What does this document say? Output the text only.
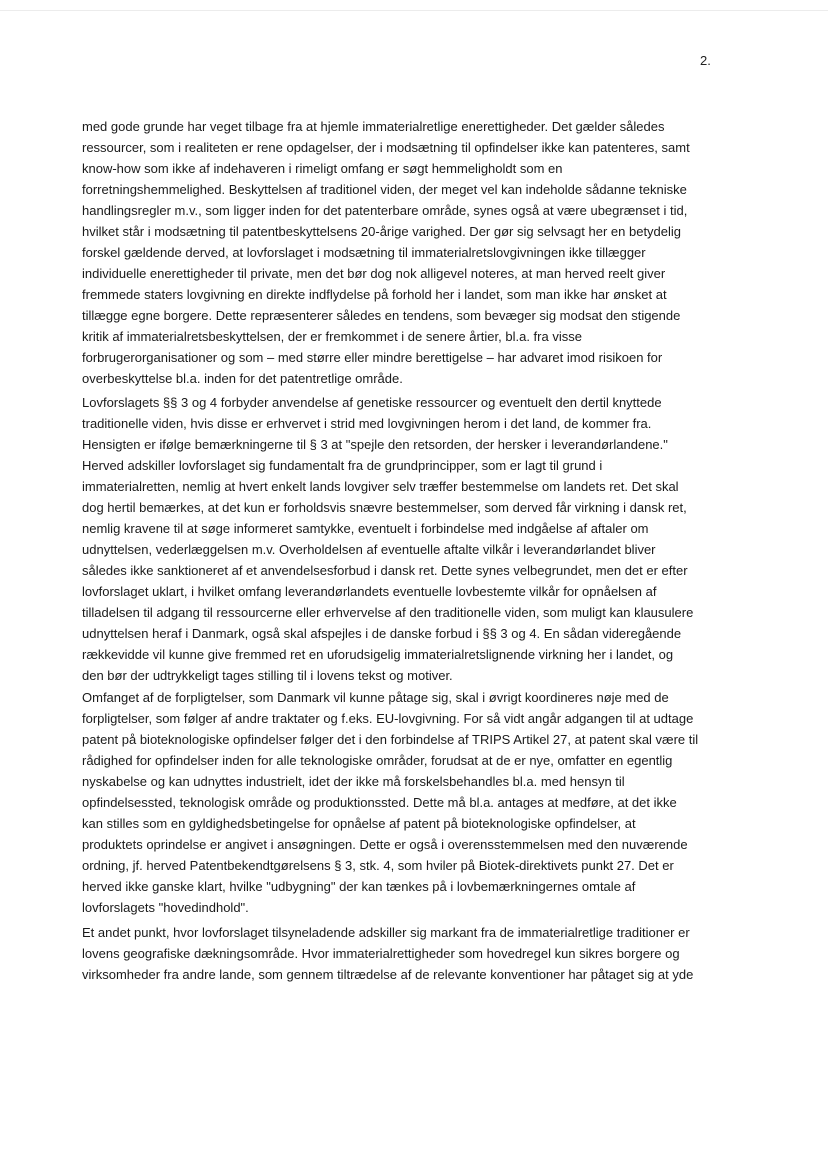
2.
med gode grunde har veget tilbage fra at hjemle immaterialretlige enerettigheder. Det gælder således
ressourcer, som i realiteten er rene opdagelser, der i modsætning til opfindelser ikke kan patenteres, samt
know-how som ikke af indehaveren i rimeligt omfang er søgt hemmeligholdt som en
forretningshemmelighed. Beskyttelsen af traditionel viden, der meget vel kan indeholde sådanne tekniske
handlingsregler m.v., som ligger inden for det patenterbare område, synes også at være ubegrænset i tid,
hvilket står i modsætning til patentbeskyttelsens 20-årige varighed. Der gør sig selvsagt her en betydelig
forskel gældende derved, at lovforslaget i modsætning til immaterialretslovgivningen ikke tillægger
individuelle enerettigheder til private, men det bør dog nok alligevel noteres, at man herved reelt giver
fremmede staters lovgivning en direkte indflydelse på forhold her i landet, som man ikke har ønsket at
tillægge egne borgere. Dette repræsenterer således en tendens, som bevæger sig modsat den stigende
kritik af immaterialretsbeskyttelsen, der er fremkommet i de senere årtier, bl.a. fra visse
forbrugerorganisationer og som – med større eller mindre berettigelse – har advaret imod risikoen for
overbeskyttelse bl.a. inden for det patentretlige område.
Lovforslagets §§ 3 og 4 forbyder anvendelse af genetiske ressourcer og eventuelt den dertil knyttede
traditionelle viden, hvis disse er erhvervet i strid med lovgivningen herom i det land, de kommer fra.
Hensigten er ifølge bemærkningerne til § 3 at "spejle den retsorden, der hersker i leverandørlandene."
Herved adskiller lovforslaget sig fundamentalt fra de grundprincipper, som er lagt til grund i
immaterialretten, nemlig at hvert enkelt lands lovgiver selv træffer bestemmelse om landets ret. Det skal
dog hertil bemærkes, at det kun er forholdsvis snævre bestemmelser, som derved får virkning i dansk ret,
nemlig kravene til at søge informeret samtykke, eventuelt i forbindelse med indgåelse af aftaler om
udnyttelsen, vederlæggelsen m.v. Overholdelsen af eventuelle aftalte vilkår i leverandørlandet bliver
således ikke sanktioneret af et anvendelsesforbud i dansk ret. Dette synes velbegrundet, men det er efter
lovforslaget uklart, i hvilket omfang leverandørlandets eventuelle lovbestemte vilkår for opnåelsen af
tilladelsen til adgang til ressourcerne eller erhvervelse af den traditionelle viden, som muligt kan klausulere
udnyttelsen heraf i Danmark, også skal afspejles i de danske forbud i §§ 3 og 4. En sådan videregående
rækkevidde vil kunne give fremmed ret en uforudsigelig immaterialretslignende virkning her i landet, og
den bør der udtrykkeligt tages stilling til i lovens tekst og motiver.
Omfanget af de forpligtelser, som Danmark vil kunne påtage sig, skal i øvrigt koordineres nøje med de
forpligtelser, som følger af andre traktater og f.eks. EU-lovgivning. For så vidt angår adgangen til at udtage
patent på bioteknologiske opfindelser følger det i den forbindelse af TRIPS Artikel 27, at patent skal være til
rådighed for opfindelser inden for alle teknologiske områder, forudsat at de er nye, omfatter en egentlig
nyskabelse og kan udnyttes industrielt, idet der ikke må forskelsbehandles bl.a. med hensyn til
opfindelsessted, teknologisk område og produktionssted. Dette må bl.a. antages at medføre, at det ikke
kan stilles som en gyldighedsbetingelse for opnåelse af patent på bioteknologiske opfindelser, at
produktets oprindelse er angivet i ansøgningen. Dette er også i overensstemmelsen med den nuværende
ordning, jf. herved Patentbekendtgørelsens § 3, stk. 4, som hviler på Biotek-direktivets punkt 27. Det er
herved ikke ganske klart, hvilke "udbygning" der kan tænkes på i lovbemærkningernes omtale af
lovforslagets "hovedindhold".
Et andet punkt, hvor lovforslaget tilsyneladende adskiller sig markant fra de immaterialretlige traditioner er
lovens geografiske dækningsområde. Hvor immaterialrettigheder som hovedregel kun sikres borgere og
virksomheder fra andre lande, som gennem tiltrædelse af de relevante konventioner har påtaget sig at yde
